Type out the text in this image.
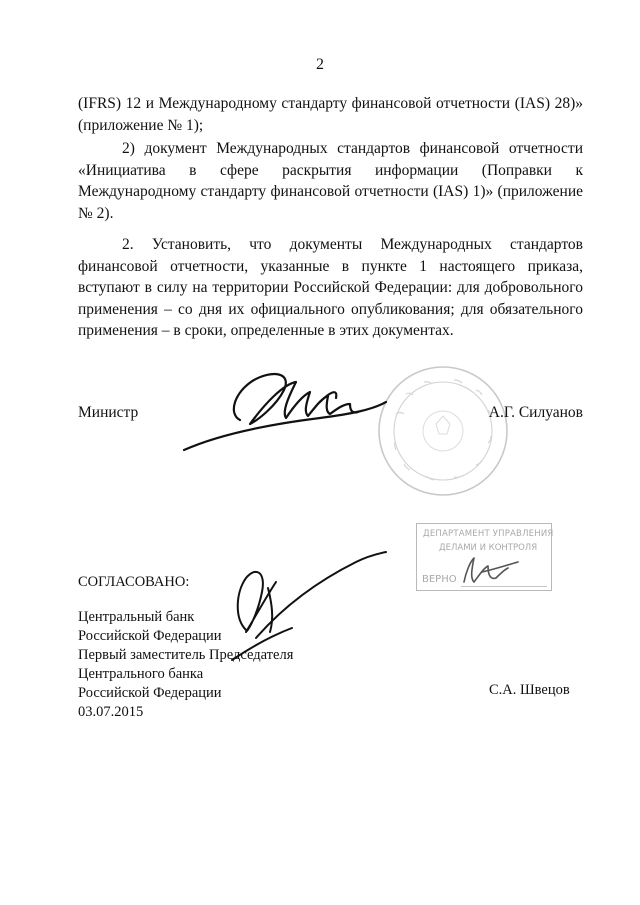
2
(IFRS) 12 и Международному стандарту финансовой отчетности (IAS) 28)»
(приложение № 1);
2) документ Международных стандартов финансовой отчетности
«Инициатива в сфере раскрытия информации (Поправки к
Международному стандарту финансовой отчетности (IAS) 1)» (приложение
№ 2).
2. Установить, что документы Международных стандартов
финансовой отчетности, указанные в пункте 1 настоящего приказа,
вступают в силу на территории Российской Федерации: для добровольного
применения – со дня их официального опубликования; для обязательного
применения – в сроки, определенные в этих документах.
Министр	А.Г. Силуанов
ДЕПАРТАМЕНТ УПРАВЛЕНИЯ
ДЕЛАМИ И КОНТРОЛЯ
ВЕРНО
СОГЛАСОВАНО:
Центральный банк
Российской Федерации
Первый заместитель Председателя
Центрального банка
Российской Федерации
03.07.2015
С.А. Швецов
